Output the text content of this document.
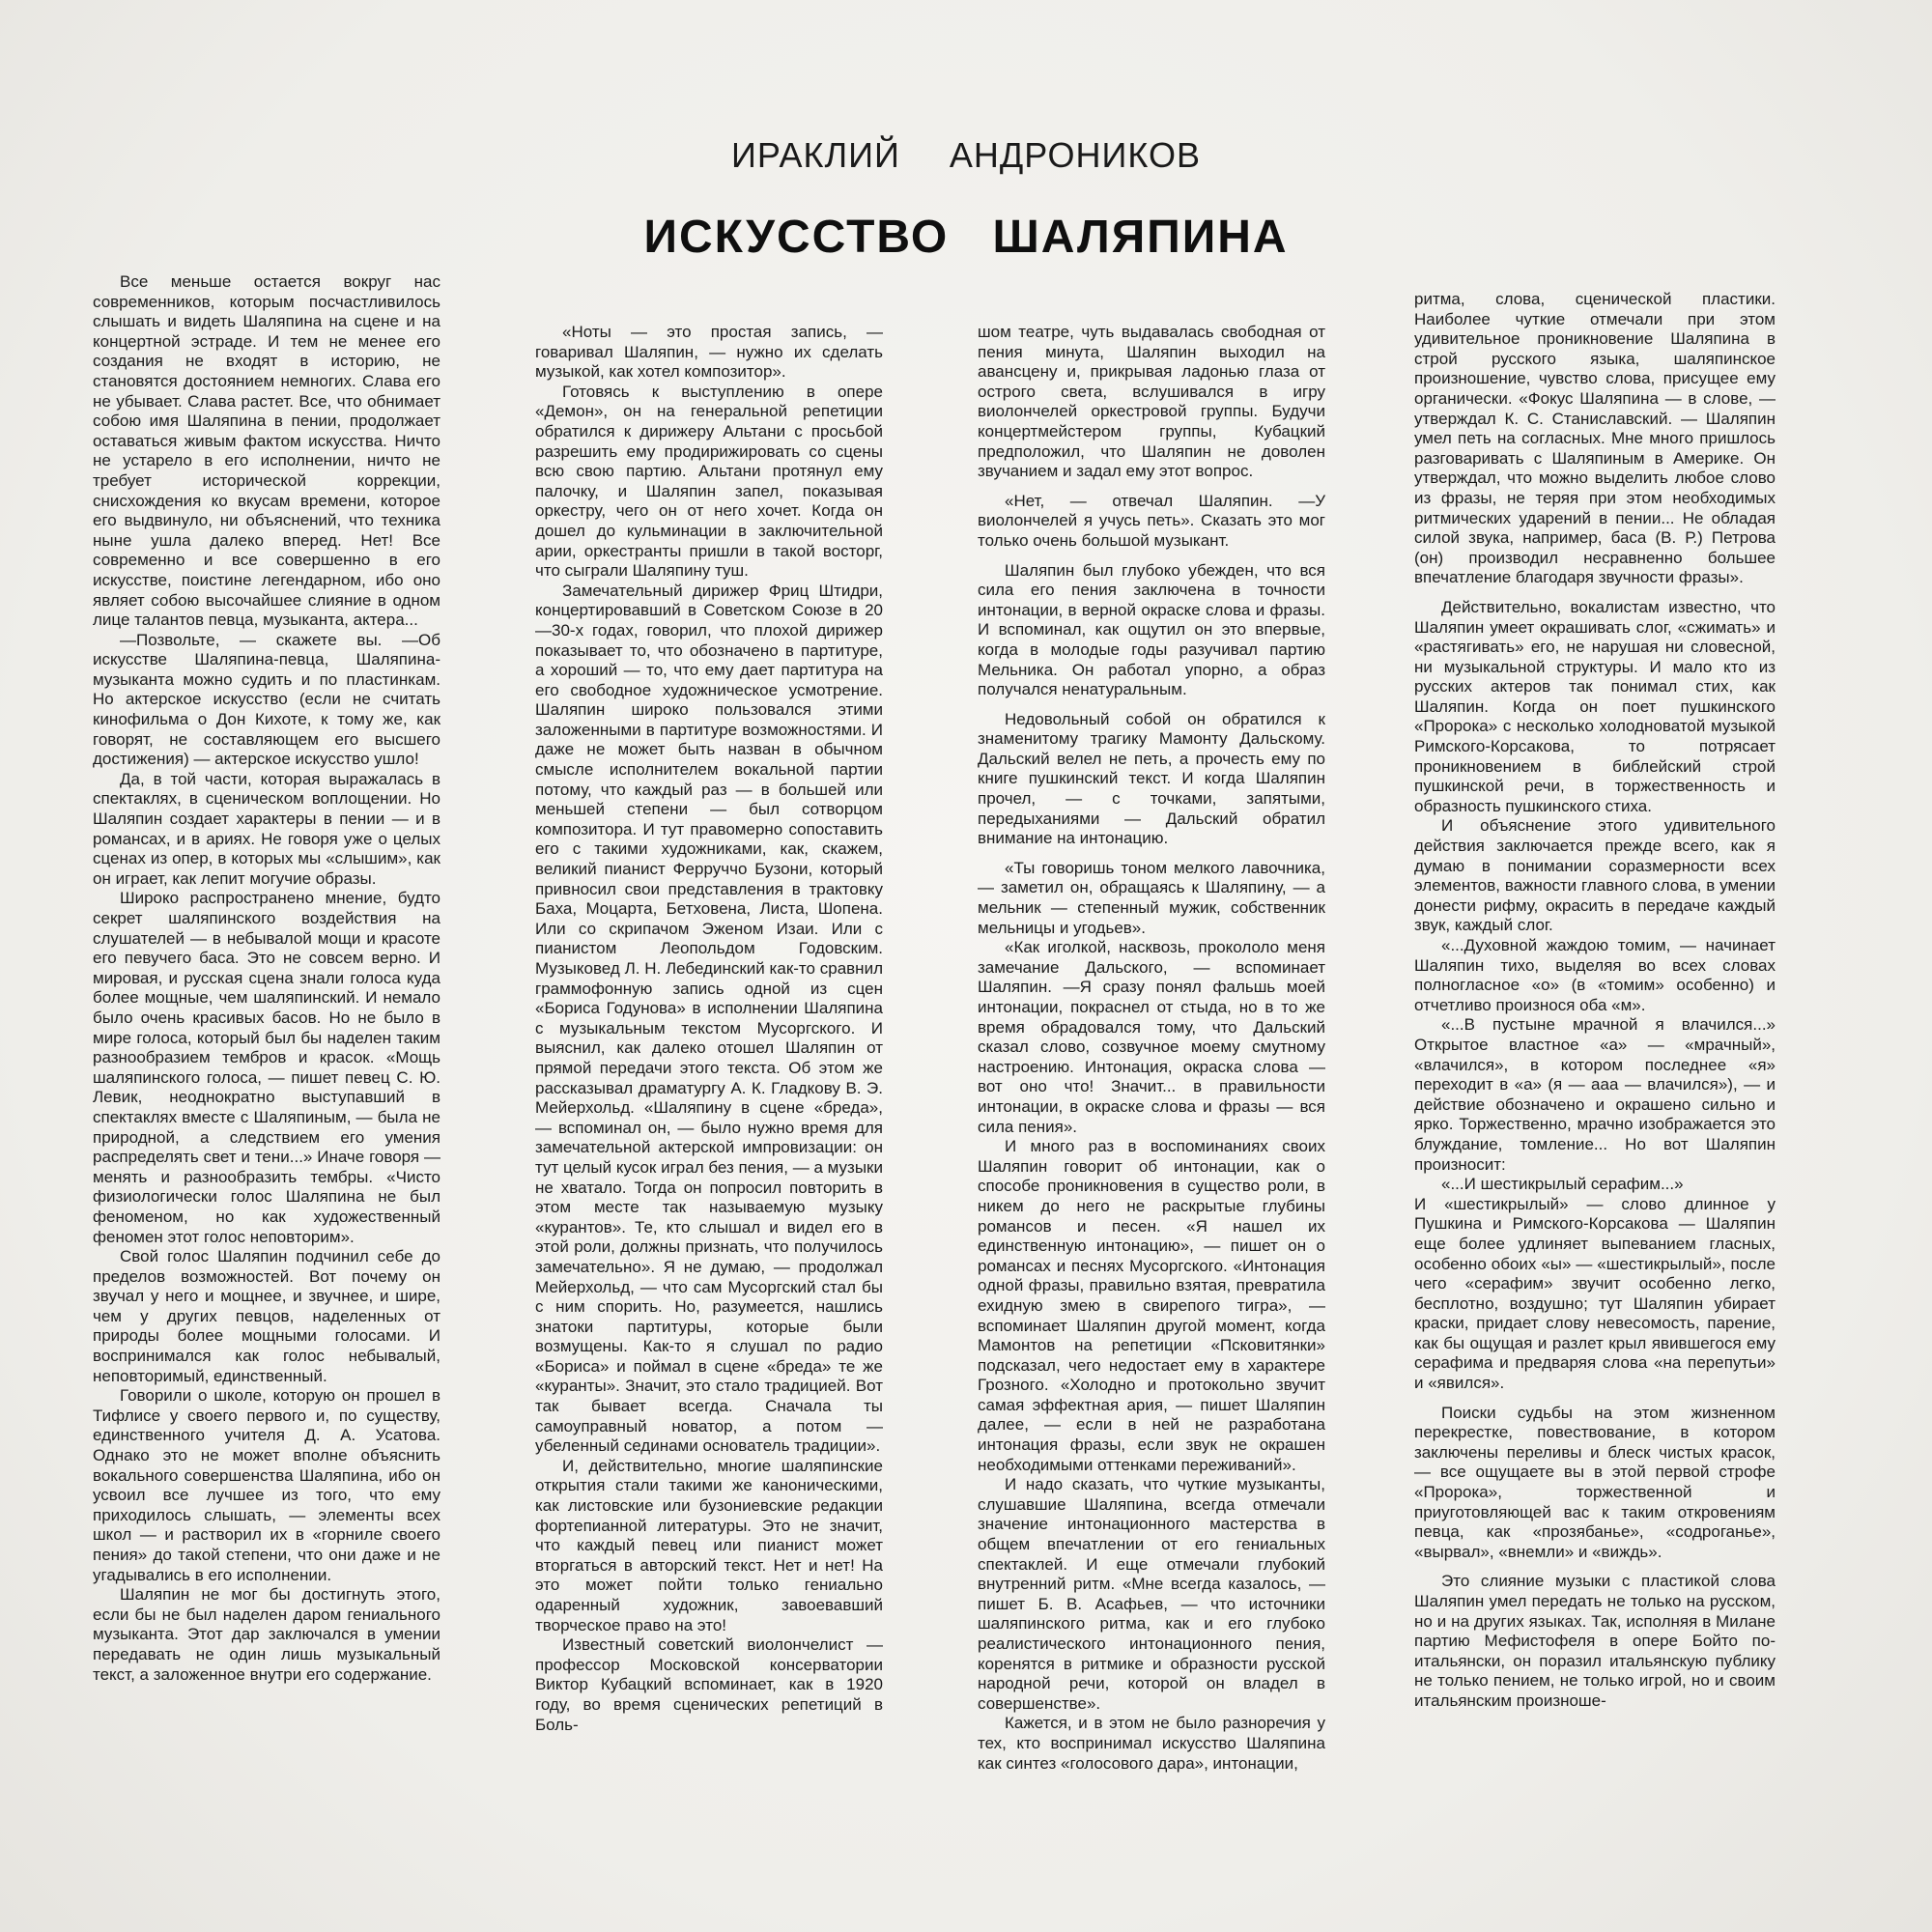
ИРАКЛИЙ АНДРОНИКОВ
ИСКУССТВО ШАЛЯПИНА

Все меньше остается вокруг нас современников, которым посчастливилось слышать и видеть Шаляпина на сцене и на концертной эстраде. И тем не менее его создания не входят в историю, не становятся достоянием немногих. Слава его не убывает. Слава растет. Все, что обнимает собою имя Шаляпина в пении, продолжает оставаться живым фактом искусства. Ничто не устарело в его исполнении, ничто не требует исторической коррекции, снисхождения ко вкусам времени, которое его выдвинуло, ни объяснений, что техника ныне ушла далеко вперед. Нет! Все современно и все совершенно в его искусстве, поистине легендарном, ибо оно являет собою высочайшее слияние в одном лице талантов певца, музыканта, актера...

—Позвольте, — скажете вы. —Об искусстве Шаляпина-певца, Шаляпина-музыканта можно судить и по пластинкам. Но актерское искусство (если не считать кинофильма о Дон Кихоте, к тому же, как говорят, не составляющем его высшего достижения) — актерское искусство ушло!

Да, в той части, которая выражалась в спектаклях, в сценическом воплощении. Но Шаляпин создает характеры в пении — и в романсах, и в ариях. Не говоря уже о целых сценах из опер, в которых мы «слышим», как он играет, как лепит могучие образы.

Широко распространено мнение, будто секрет шаляпинского воздействия на слушателей — в небывалой мощи и красоте его певучего баса. Это не совсем верно. И мировая, и русская сцена знали голоса куда более мощные, чем шаляпинский. И немало было очень красивых басов. Но не было в мире голоса, который был бы наделен таким разнообразием тембров и красок. «Мощь шаляпинского голоса, — пишет певец С. Ю. Левик, неоднократно выступавший в спектаклях вместе с Шаляпиным, — была не природной, а следствием его умения распределять свет и тени...» Иначе говоря — менять и разнообразить тембры. «Чисто физиологически голос Шаляпина не был феноменом, но как художественный феномен этот голос неповторим».

Свой голос Шаляпин подчинил себе до пределов возможностей. Вот почему он звучал у него и мощнее, и звучнее, и шире, чем у других певцов, наделенных от природы более мощными голосами. И воспринимался как голос небывалый, неповторимый, единственный.

Говорили о школе, которую он прошел в Тифлисе у своего первого и, по существу, единственного учителя Д. А. Усатова. Однако это не может вполне объяснить вокального совершенства Шаляпина, ибо он усвоил все лучшее из того, что ему приходилось слышать, — элементы всех школ — и растворил их в «горниле своего пения» до такой степени, что они даже и не угадывались в его исполнении.

Шаляпин не мог бы достигнуть этого, если бы не был наделен даром гениального музыканта. Этот дар заключался в умении передавать не один лишь музыкальный текст, а заложенное внутри его содержание.

«Ноты — это простая запись, — говаривал Шаляпин, — нужно их сделать музыкой, как хотел композитор».

Готовясь к выступлению в опере «Демон», он на генеральной репетиции обратился к дирижеру Альтани с просьбой разрешить ему продирижировать со сцены всю свою партию. Альтани протянул ему палочку, и Шаляпин запел, показывая оркестру, чего он от него хочет. Когда он дошел до кульминации в заключительной арии, оркестранты пришли в такой восторг, что сыграли Шаляпину туш.

Замечательный дирижер Фриц Штидри, концертировавший в Советском Союзе в 20—30-х годах, говорил, что плохой дирижер показывает то, что обозначено в партитуре, а хороший — то, что ему дает партитура на его свободное художническое усмотрение. Шаляпин широко пользовался этими заложенными в партитуре возможностями. И даже не может быть назван в обычном смысле исполнителем вокальной партии потому, что каждый раз — в большей или меньшей степени — был сотворцом композитора. И тут правомерно сопоставить его с такими художниками, как, скажем, великий пианист Ферруччо Бузони, который привносил свои представления в трактовку Баха, Моцарта, Бетховена, Листа, Шопена. Или со скрипачом Эженом Изаи. Или с пианистом Леопольдом Годовским. Музыковед Л. Н. Лебединский как-то сравнил граммофонную запись одной из сцен «Бориса Годунова» в исполнении Шаляпина с музыкальным текстом Мусоргского. И выяснил, как далеко отошел Шаляпин от прямой передачи этого текста. Об этом же рассказывал драматургу А. К. Гладкову В. Э. Мейерхольд. «Шаляпину в сцене «бреда», — вспоминал он, — было нужно время для замечательной актерской импровизации: он тут целый кусок играл без пения, — а музыки не хватало. Тогда он попросил повторить в этом месте так называемую музыку «курантов». Те, кто слышал и видел его в этой роли, должны признать, что получилось замечательно». Я не думаю, — продолжал Мейерхольд, — что сам Мусоргский стал бы с ним спорить. Но, разумеется, нашлись знатоки партитуры, которые были возмущены. Как-то я слушал по радио «Бориса» и поймал в сцене «бреда» те же «куранты». Значит, это стало традицией. Вот так бывает всегда. Сначала ты самоуправный новатор, а потом — убеленный сединами основатель традиции».

И, действительно, многие шаляпинские открытия стали такими же каноническими, как листовские или бузониевские редакции фортепианной литературы. Это не значит, что каждый певец или пианист может вторгаться в авторский текст. Нет и нет! На это может пойти только гениально одаренный художник, завоевавший творческое право на это!

Известный советский виолончелист — профессор Московской консерватории Виктор Кубацкий вспоминает, как в 1920 году, во время сценических репетиций в Боль-

шом театре, чуть выдавалась свободная от пения минута, Шаляпин выходил на авансцену и, прикрывая ладонью глаза от острого света, вслушивался в игру виолончелей оркестровой группы. Будучи концертмейстером группы, Кубацкий предположил, что Шаляпин не доволен звучанием и задал ему этот вопрос.

«Нет, — отвечал Шаляпин. —У виолончелей я учусь петь». Сказать это мог только очень большой музыкант.

Шаляпин был глубоко убежден, что вся сила его пения заключена в точности интонации, в верной окраске слова и фразы. И вспоминал, как ощутил он это впервые, когда в молодые годы разучивал партию Мельника. Он работал упорно, а образ получался ненатуральным.

Недовольный собой он обратился к знаменитому трагику Мамонту Дальскому. Дальский велел не петь, а прочесть ему по книге пушкинский текст. И когда Шаляпин прочел, — с точками, запятыми, передыханиями — Дальский обратил внимание на интонацию.

«Ты говоришь тоном мелкого лавочника, — заметил он, обращаясь к Шаляпину, — а мельник — степенный мужик, собственник мельницы и угодьев».

«Как иголкой, насквозь, прокололо меня замечание Дальского, — вспоминает Шаляпин. —Я сразу понял фальшь моей интонации, покраснел от стыда, но в то же время обрадовался тому, что Дальский сказал слово, созвучное моему смутному настроению. Интонация, окраска слова — вот оно что! Значит... в правильности интонации, в окраске слова и фразы — вся сила пения».

И много раз в воспоминаниях своих Шаляпин говорит об интонации, как о способе проникновения в существо роли, в никем до него не раскрытые глубины романсов и песен. «Я нашел их единственную интонацию», — пишет он о романсах и песнях Мусоргского. «Интонация одной фразы, правильно взятая, превратила ехидную змею в свирепого тигра», — вспоминает Шаляпин другой момент, когда Мамонтов на репетиции «Псковитянки» подсказал, чего недостает ему в характере Грозного. «Холодно и протокольно звучит самая эффектная ария, — пишет Шаляпин далее, — если в ней не разработана интонация фразы, если звук не окрашен необходимыми оттенками переживаний».

И надо сказать, что чуткие музыканты, слушавшие Шаляпина, всегда отмечали значение интонационного мастерства в общем впечатлении от его гениальных спектаклей. И еще отмечали глубокий внутренний ритм. «Мне всегда казалось, — пишет Б. В. Асафьев, — что источники шаляпинского ритма, как и его глубоко реалистического интонационного пения, коренятся в ритмике и образности русской народной речи, которой он владел в совершенстве».

Кажется, и в этом не было разноречия у тех, кто воспринимал искусство Шаляпина как синтез «голосового дара», интонации,

ритма, слова, сценической пластики. Наиболее чуткие отмечали при этом удивительное проникновение Шаляпина в строй русского языка, шаляпинское произношение, чувство слова, присущее ему органически. «Фокус Шаляпина — в слове, — утверждал К. С. Станиславский. — Шаляпин умел петь на согласных. Мне много пришлось разговаривать с Шаляпиным в Америке. Он утверждал, что можно выделить любое слово из фразы, не теряя при этом необходимых ритмических ударений в пении... Не обладая силой звука, например, баса (В. Р.) Петрова (он) производил несравненно большее впечатление благодаря звучности фразы».

Действительно, вокалистам известно, что Шаляпин умеет окрашивать слог, «сжимать» и «растягивать» его, не нарушая ни словесной, ни музыкальной структуры. И мало кто из русских актеров так понимал стих, как Шаляпин. Когда он поет пушкинского «Пророка» с несколько холодноватой музыкой Римского-Корсакова, то потрясает проникновением в библейский строй пушкинской речи, в торжественность и образность пушкинского стиха.

И объяснение этого удивительного действия заключается прежде всего, как я думаю в понимании соразмерности всех элементов, важности главного слова, в умении донести рифму, окрасить в передаче каждый звук, каждый слог.

«...Духовной жаждою томим, — начинает Шаляпин тихо, выделяя во всех словах полногласное «о» (в «томим» особенно) и отчетливо произнося оба «м».

«...В пустыне мрачной я влачился...» Открытое властное «а» — «мрачный», «влачился», в котором последнее «я» переходит в «а» (я — ааа — влачился»), — и действие обозначено и окрашено сильно и ярко. Торжественно, мрачно изображается это блуждание, томление... Но вот Шаляпин произносит:

«...И шестикрылый серафим...»

И «шестикрылый» — слово длинное у Пушкина и Римского-Корсакова — Шаляпин еще более удлиняет выпеванием гласных, особенно обоих «ы» — «шестикрылый», после чего «серафим» звучит особенно легко, бесплотно, воздушно; тут Шаляпин убирает краски, придает слову невесомость, парение, как бы ощущая и разлет крыл явившегося ему серафима и предваряя слова «на перепутьи» и «явился».

Поиски судьбы на этом жизненном перекрестке, повествование, в котором заключены переливы и блеск чистых красок, — все ощущаете вы в этой первой строфе «Пророка», торжественной и приуготовляющей вас к таким откровениям певца, как «прозябанье», «содроганье», «вырвал», «внемли» и «виждь».

Это слияние музыки с пластикой слова Шаляпин умел передать не только на русском, но и на других языках. Так, исполняя в Милане партию Мефистофеля в опере Бойто по-итальянски, он поразил итальянскую публику не только пением, не только игрой, но и своим итальянским произноше-
